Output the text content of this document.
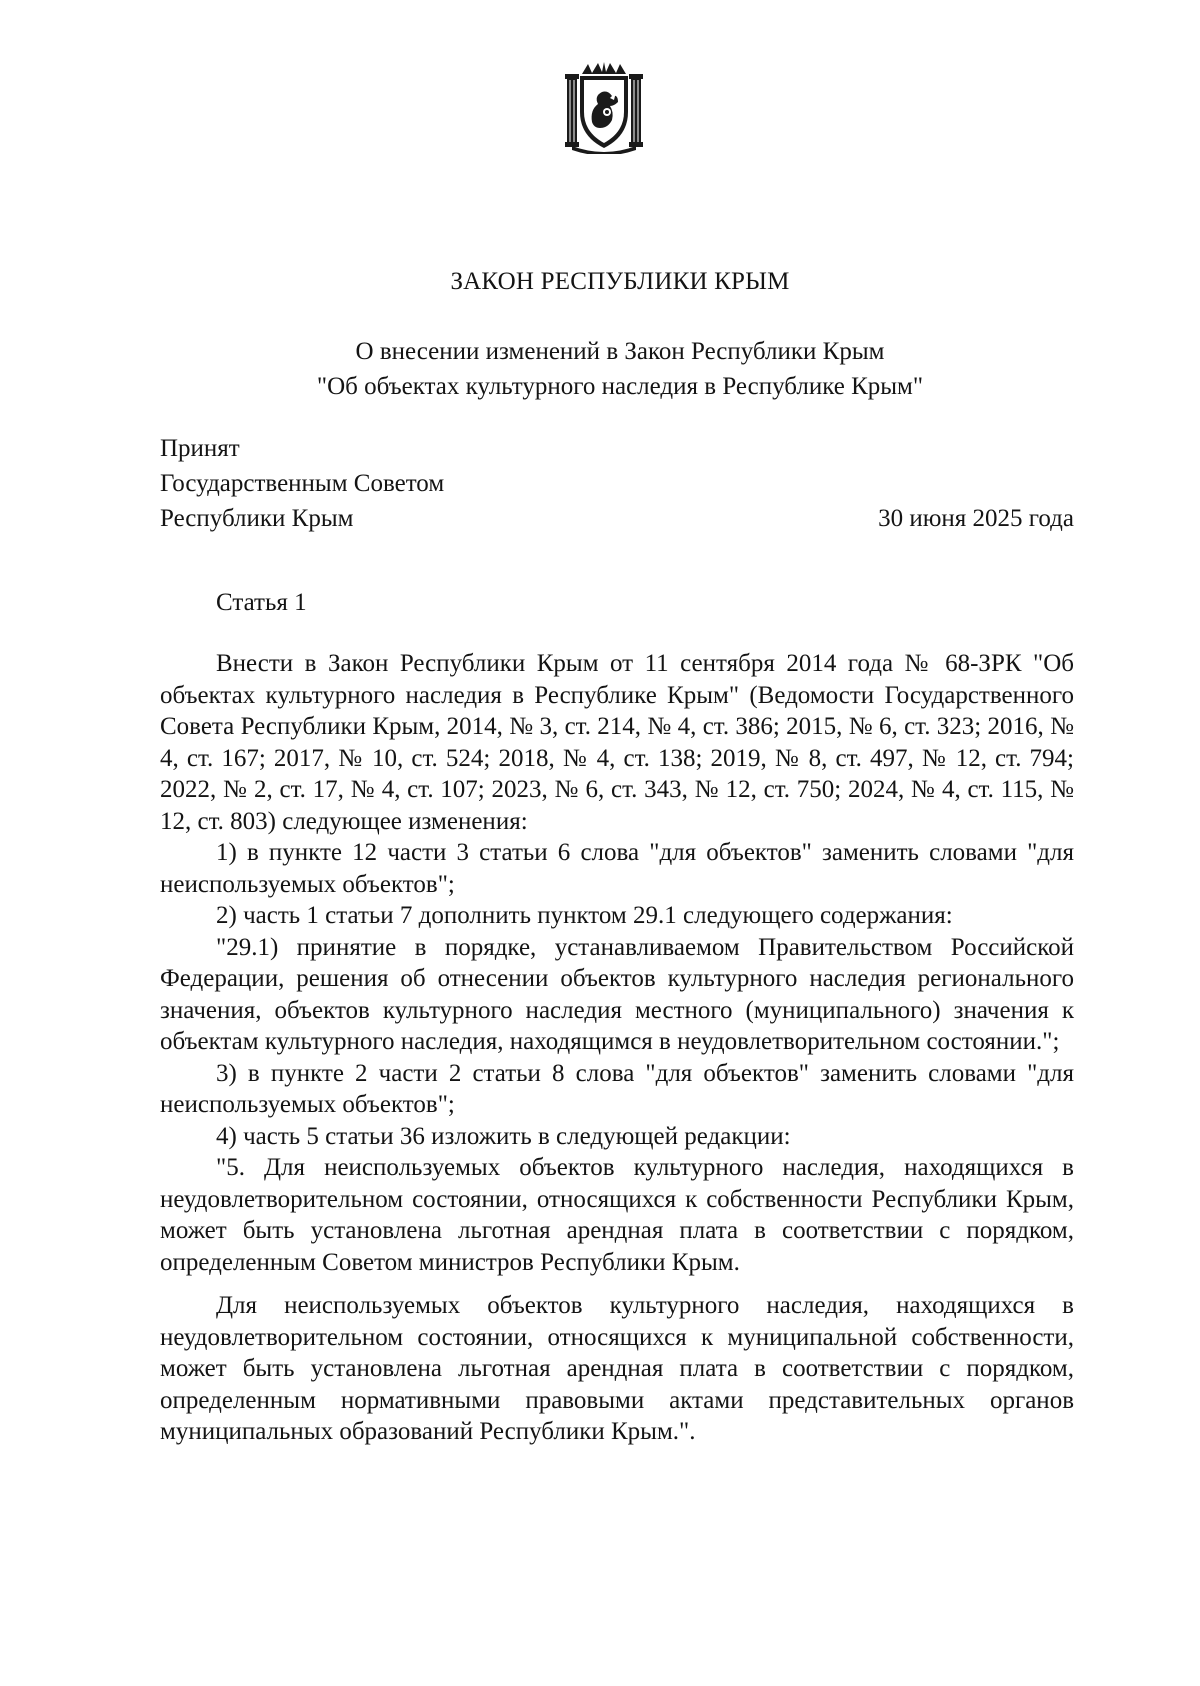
ЗАКОН РЕСПУБЛИКИ КРЫМ
О внесении изменений в Закон Республики Крым
"Об объектах культурного наследия в Республике Крым"
Принят
Государственным Советом
Республики Крым	30 июня 2025 года
Статья 1

Внести в Закон Республики Крым от 11 сентября 2014 года № 68-ЗРК "Об объектах культурного наследия в Республике Крым" (Ведомости Государственного Совета Республики Крым, 2014, № 3, ст. 214, № 4, ст. 386; 2015, № 6, ст. 323; 2016, № 4, ст. 167; 2017, № 10, ст. 524; 2018, № 4, ст. 138; 2019, № 8, ст. 497, № 12, ст. 794; 2022, № 2, ст. 17, № 4, ст. 107; 2023, № 6, ст. 343, № 12, ст. 750; 2024, № 4, ст. 115, № 12, ст. 803) следующее изменения:

1) в пункте 12 части 3 статьи 6 слова "для объектов" заменить словами "для неиспользуемых объектов";

2) часть 1 статьи 7 дополнить пунктом 29.1 следующего содержания:

"29.1) принятие в порядке, устанавливаемом Правительством Российской Федерации, решения об отнесении объектов культурного наследия регионального значения, объектов культурного наследия местного (муниципального) значения к объектам культурного наследия, находящимся в неудовлетворительном состоянии.";

3) в пункте 2 части 2 статьи 8 слова "для объектов" заменить словами "для неиспользуемых объектов";

4) часть 5 статьи 36 изложить в следующей редакции:

"5. Для неиспользуемых объектов культурного наследия, находящихся в неудовлетворительном состоянии, относящихся к собственности Республики Крым, может быть установлена льготная арендная плата в соответствии с порядком, определенным Советом министров Республики Крым.

Для неиспользуемых объектов культурного наследия, находящихся в неудовлетворительном состоянии, относящихся к муниципальной собственности, может быть установлена льготная арендная плата в соответствии с порядком, определенным нормативными правовыми актами представительных органов муниципальных образований Республики Крым.".
